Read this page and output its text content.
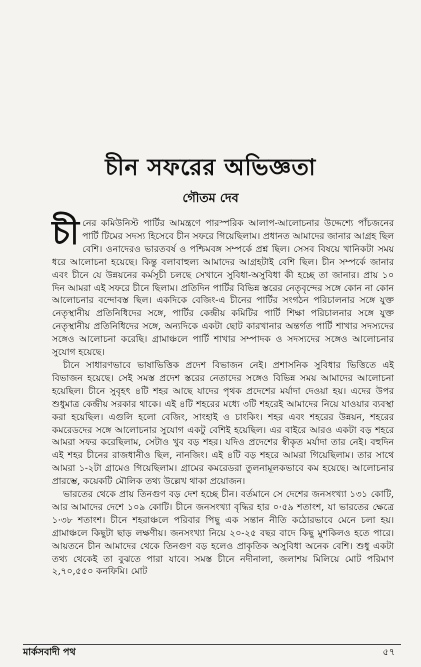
চীন সফরের অভিজ্ঞতা
গৌতম দেব

চীনের কমিউনিস্ট পার্টির আমন্ত্রণে পারস্পরিক আলাপ-আলোচনার উদ্দেশ্যে পাঁচজনের পার্টি টিমের সদস্য হিসেবে চীন সফরে গিয়েছিলাম। প্রধানত আমাদের জানার আগ্রহ ছিল বেশি। ওনাদেরও ভারতবর্ষ ও পশ্চিমবঙ্গ সম্পর্কে প্রশ্ন ছিল। সেসব বিষয়ে খানিকটা সময় ধরে আলোচনা হয়েছে। কিন্তু বলাবাহুল্য আমাদের আগ্রহটাই বেশি ছিল। চীন সম্পর্কে জানার এবং চীনে যে উন্নয়নের কর্মসূচী চলছে সেখানে সুবিধা-অসুবিধা কী হচ্ছে তা জানার। প্রায় ১০ দিন আমরা এই সফরে চীনে ছিলাম। প্রতিদিন পার্টির বিভিন্ন স্তরের নেতৃবৃন্দের সঙ্গে কোন না কোন আলোচনার বন্দোবস্ত ছিল। একদিকে বেজিং-এ চীনের পার্টির সংগঠন পরিচালনার সঙ্গে যুক্ত নেতৃস্থানীয় প্রতিনিধিদের সঙ্গে, পার্টির কেন্দ্রীয় কমিটির পার্টি শিক্ষা পরিচালনার সঙ্গে যুক্ত নেতৃস্থানীয় প্রতিনিধিদের সঙ্গে, অন্যদিকে একটা ছোট কারখানার অন্তর্গত পার্টি শাখার সদস্যদের সঙ্গেও আলোচনা করেছি। গ্রামাঞ্চলে পার্টি শাখার সম্পাদক ও সদস্যদের সঙ্গেও আলোচনার সুযোগ হয়েছে।

চীনে সাধারণভাবে ভাষাভিত্তিক প্রদেশ বিভাজন নেই। প্রশাসনিক সুবিধার ভিত্তিতে এই বিভাজন হয়েছে। সেই সমস্ত প্রদেশ স্তরের নেতাদের সঙ্গেও বিভিন্ন সময় আমাদের আলোচনা হয়েছিল। চীনে সুবৃহৎ ৪টি শহর আছে যাদের পৃথক প্রদেশের মর্যাদা দেওয়া হয়। এদের উপর শুধুমাত্র কেন্দ্রীয় সরকার থাকে। এই ৪টি শহরের মধ্যে ৩টি শহরেই আমাদের নিয়ে যাওয়ার ব্যবস্থা করা হয়েছিল। এগুলি হলো বেজিং, সাংহাই ও চাংকিং। শহর এবং শহরের উন্নয়ন, শহরের কমরেডদের সঙ্গে আলোচনার সুযোগ একটু বেশিই হয়েছিল। এর বাইরে আরও একটা বড় শহরে আমরা সফর করেছিলাম, সেটাও খুব বড় শহর। যদিও প্রদেশের স্বীকৃত মর্যাদা তার নেই। বহুদিন এই শহর চীনের রাজধানীও ছিল, নানজিং। এই ৪টি বড় শহরে আমরা গিয়েছিলাম। তার সাথে আমরা ১-২টা গ্রামেও গিয়েছিলাম। গ্রামের কমরেডরা তুলনামূলকভাবে কম হয়েছে। আলোচনার প্রারম্ভে, কয়েকটি মৌলিক তথ্য উল্লেখ থাকা প্রয়োজন।

ভারতের থেকে প্রায় তিনগুণ বড় দেশ হচ্ছে চীন। বর্তমানে সে দেশের জনসংখ্যা ১৩১ কোটি, আর আমাদের দেশে ১০৯ কোটি। চীনে জনসংখ্যা বৃদ্ধির হার ০·৫৯ শতাংশ, যা ভারতের ক্ষেত্রে ১·৩৮ শতাংশ। চীনে শহরাঞ্চলে পরিবার পিছু এক সন্তান নীতি কঠোরভাবে মেনে চলা হয়। গ্রামাঞ্চলে কিছুটা ছাড় লক্ষণীয়। জনসংখ্যা নিয়ে ২০-২৫ বছর বাদে কিছু মুশকিলও হতে পারে। আয়তনে চীন আমাদের থেকে তিনগুণ বড় হলেও প্রাকৃতিক অসুবিধা অনেক বেশি। শুধু একটা তথ্য থেকেই তা বুঝতে পারা যাবে। সমস্ত চীনে নদীনালা, জলাশয় মিলিয়ে মোট পরিমাণ ২,৭০,৫৫০ কনফিমি। মোট

মার্কসবাদী পথ	৫৭
